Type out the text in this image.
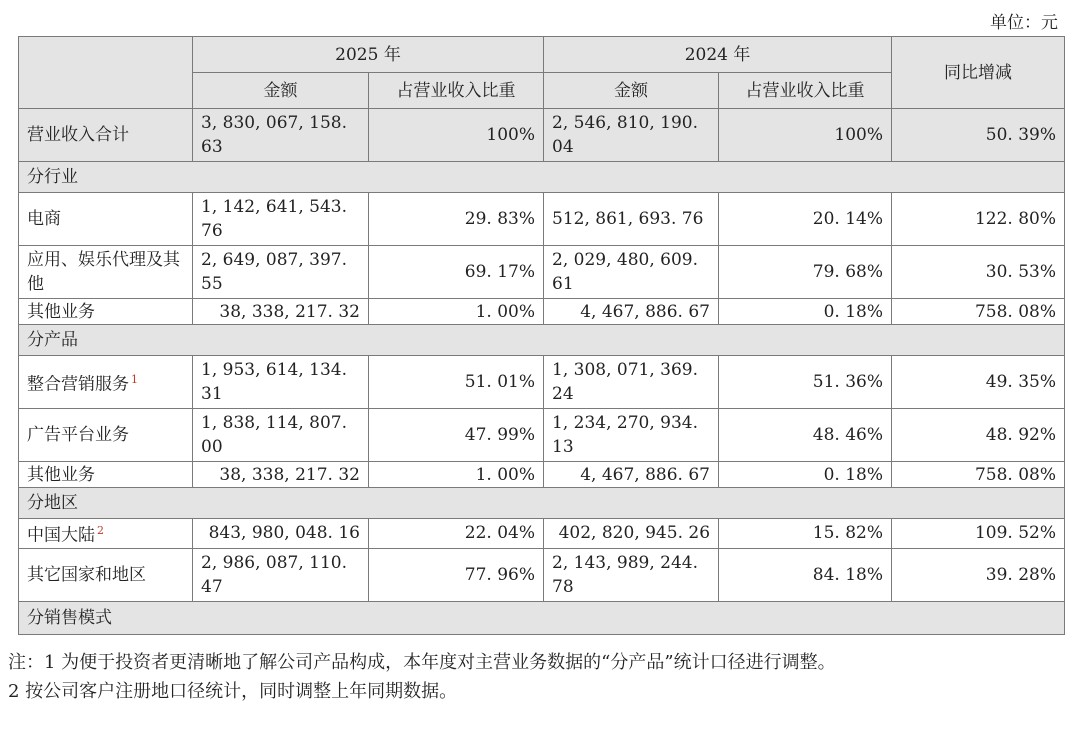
单位：元
	2025 年		2024 年		同比增减
	金额	占营业收入比重	金额	占营业收入比重	
营业收入合计	3, 830, 067, 158. 63	100%	2, 546, 810, 190. 04	100%	50. 39%
分行业					
电商	1, 142, 641, 543. 76	29. 83%	512, 861, 693. 76	20. 14%	122. 80%
应用、娱乐代理及其他	2, 649, 087, 397. 55	69. 17%	2, 029, 480, 609. 61	79. 68%	30. 53%
其他业务	38, 338, 217. 32	1. 00%	4, 467, 886. 67	0. 18%	758. 08%
分产品					
整合营销服务 $^1$	1, 953, 614, 134. 31	51. 01%	1, 308, 071, 369. 24	51. 36%	49. 35%
广告平台业务	1, 838, 114, 807. 00	47. 99%	1, 234, 270, 934. 13	48. 46%	48. 92%
其他业务	38, 338, 217. 32	1. 00%	4, 467, 886. 67	0. 18%	758. 08%
分地区					
中国大陆 $^2$	843, 980, 048. 16	22. 04%	402, 820, 945. 26	15. 82%	109. 52%
其它国家和地区	2, 986, 087, 110. 47	77. 96%	2, 143, 989, 244. 78	84. 18%	39. 28%
分销售模式					

注：1 为便于投资者更清晰地了解公司产品构成，本年度对主营业务数据的“分产品”统计口径进行调整。

2 按公司客户注册地口径统计，同时调整上年同期数据。
